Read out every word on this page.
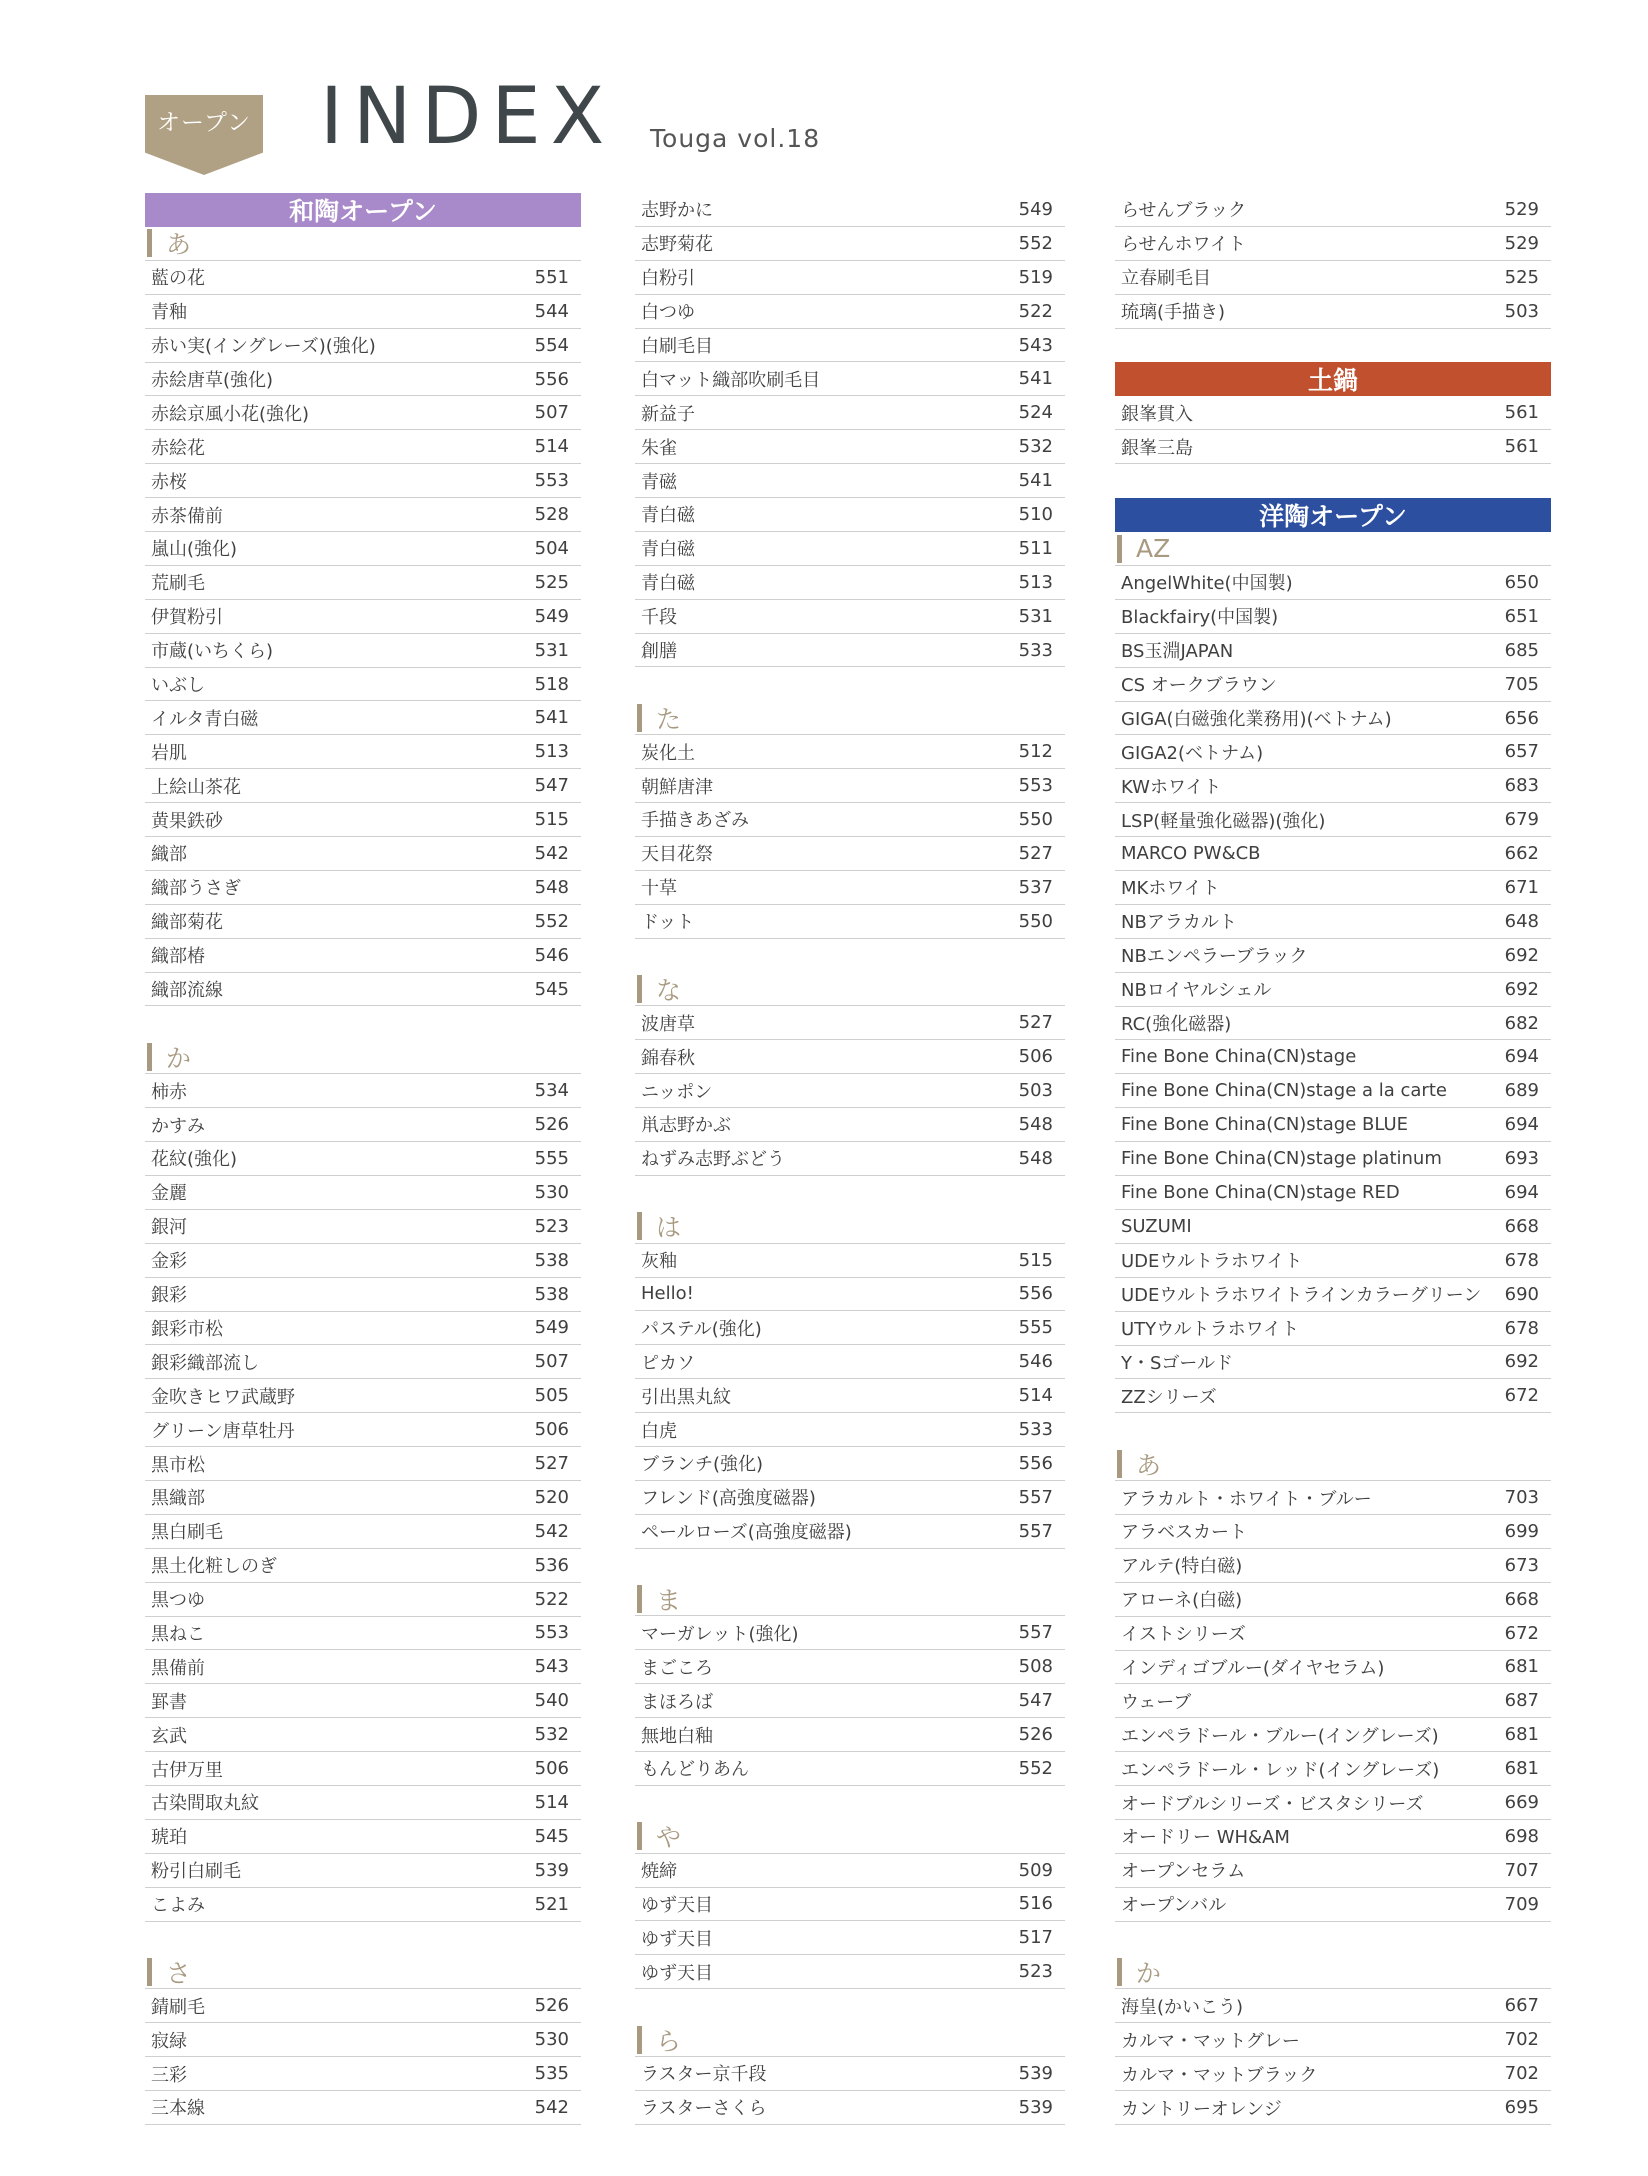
オープン INDEX Touga vol.18
和陶オープン
あ
藍の花	551
青釉	544
赤い実(イングレーズ)(強化)	554
赤絵唐草(強化)	556
赤絵京風小花(強化)	507
赤絵花	514
赤桜	553
赤茶備前	528
嵐山(強化)	504
荒刷毛	525
伊賀粉引	549
市蔵(いちくら)	531
いぶし	518
イルタ青白磁	541
岩肌	513
上絵山茶花	547
黄果鉄砂	515
織部	542
織部うさぎ	548
織部菊花	552
織部椿	546
織部流線	545
か
柿赤	534
かすみ	526
花紋(強化)	555
金麗	530
銀河	523
金彩	538
銀彩	538
銀彩市松	549
銀彩織部流し	507
金吹きヒワ武蔵野	505
グリーン唐草牡丹	506
黒市松	527
黒織部	520
黒白刷毛	542
黒土化粧しのぎ	536
黒つゆ	522
黒ねこ	553
黒備前	543
罫書	540
玄武	532
古伊万里	506
古染間取丸紋	514
琥珀	545
粉引白刷毛	539
こよみ	521
さ
錆刷毛	526
寂緑	530
三彩	535
三本線	542
志野かに	549
志野菊花	552
白粉引	519
白つゆ	522
白刷毛目	543
白マット織部吹刷毛目	541
新益子	524
朱雀	532
青磁	541
青白磁	510
青白磁	511
青白磁	513
千段	531
創膳	533
た
炭化土	512
朝鮮唐津	553
手描きあざみ	550
天目花祭	527
十草	537
ドット	550
な
波唐草	527
錦春秋	506
ニッポン	503
鼡志野かぶ	548
ねずみ志野ぶどう	548
は
灰釉	515
Hello!	556
パステル(強化)	555
ピカソ	546
引出黒丸紋	514
白虎	533
ブランチ(強化)	556
フレンド(高強度磁器)	557
ペールローズ(高強度磁器)	557
ま
マーガレット(強化)	557
まごころ	508
まほろば	547
無地白釉	526
もんどりあん	552
や
焼締	509
ゆず天目	516
ゆず天目	517
ゆず天目	523
ら
ラスター京千段	539
ラスターさくら	539
らせんブラック	529
らせんホワイト	529
立春刷毛目	525
琉璃(手描き)	503
土鍋
銀峯貫入	561
銀峯三島	561
洋陶オープン
AZ
AngelWhite(中国製)	650
Blackfairy(中国製)	651
BS玉淵JAPAN	685
CS オークブラウン	705
GIGA(白磁強化業務用)(ベトナム)	656
GIGA2(ベトナム)	657
KWホワイト	683
LSP(軽量強化磁器)(強化)	679
MARCO PW&CB	662
MKホワイト	671
NBアラカルト	648
NBエンペラーブラック	692
NBロイヤルシェル	692
RC(強化磁器)	682
Fine Bone China(CN)stage	694
Fine Bone China(CN)stage a la carte	689
Fine Bone China(CN)stage BLUE	694
Fine Bone China(CN)stage platinum	693
Fine Bone China(CN)stage RED	694
SUZUMI	668
UDEウルトラホワイト	678
UDEウルトラホワイトラインカラーグリーン 690
UTYウルトラホワイト	678
Y・Sゴールド	692
ZZシリーズ	672
あ
アラカルト・ホワイト・ブルー	703
アラベスカート	699
アルテ(特白磁)	673
アローネ(白磁)	668
イストシリーズ	672
インディゴブルー(ダイヤセラム)	681
ウェーブ	687
エンペラドール・ブルー(イングレーズ)	681
エンペラドール・レッド(イングレーズ)	681
オードブルシリーズ・ビスタシリーズ	669
オードリー WH&AM	698
オープンセラム	707
オープンバル	709
か
海皇(かいこう)	667
カルマ・マットグレー	702
カルマ・マットブラック	702
カントリーオレンジ	695
